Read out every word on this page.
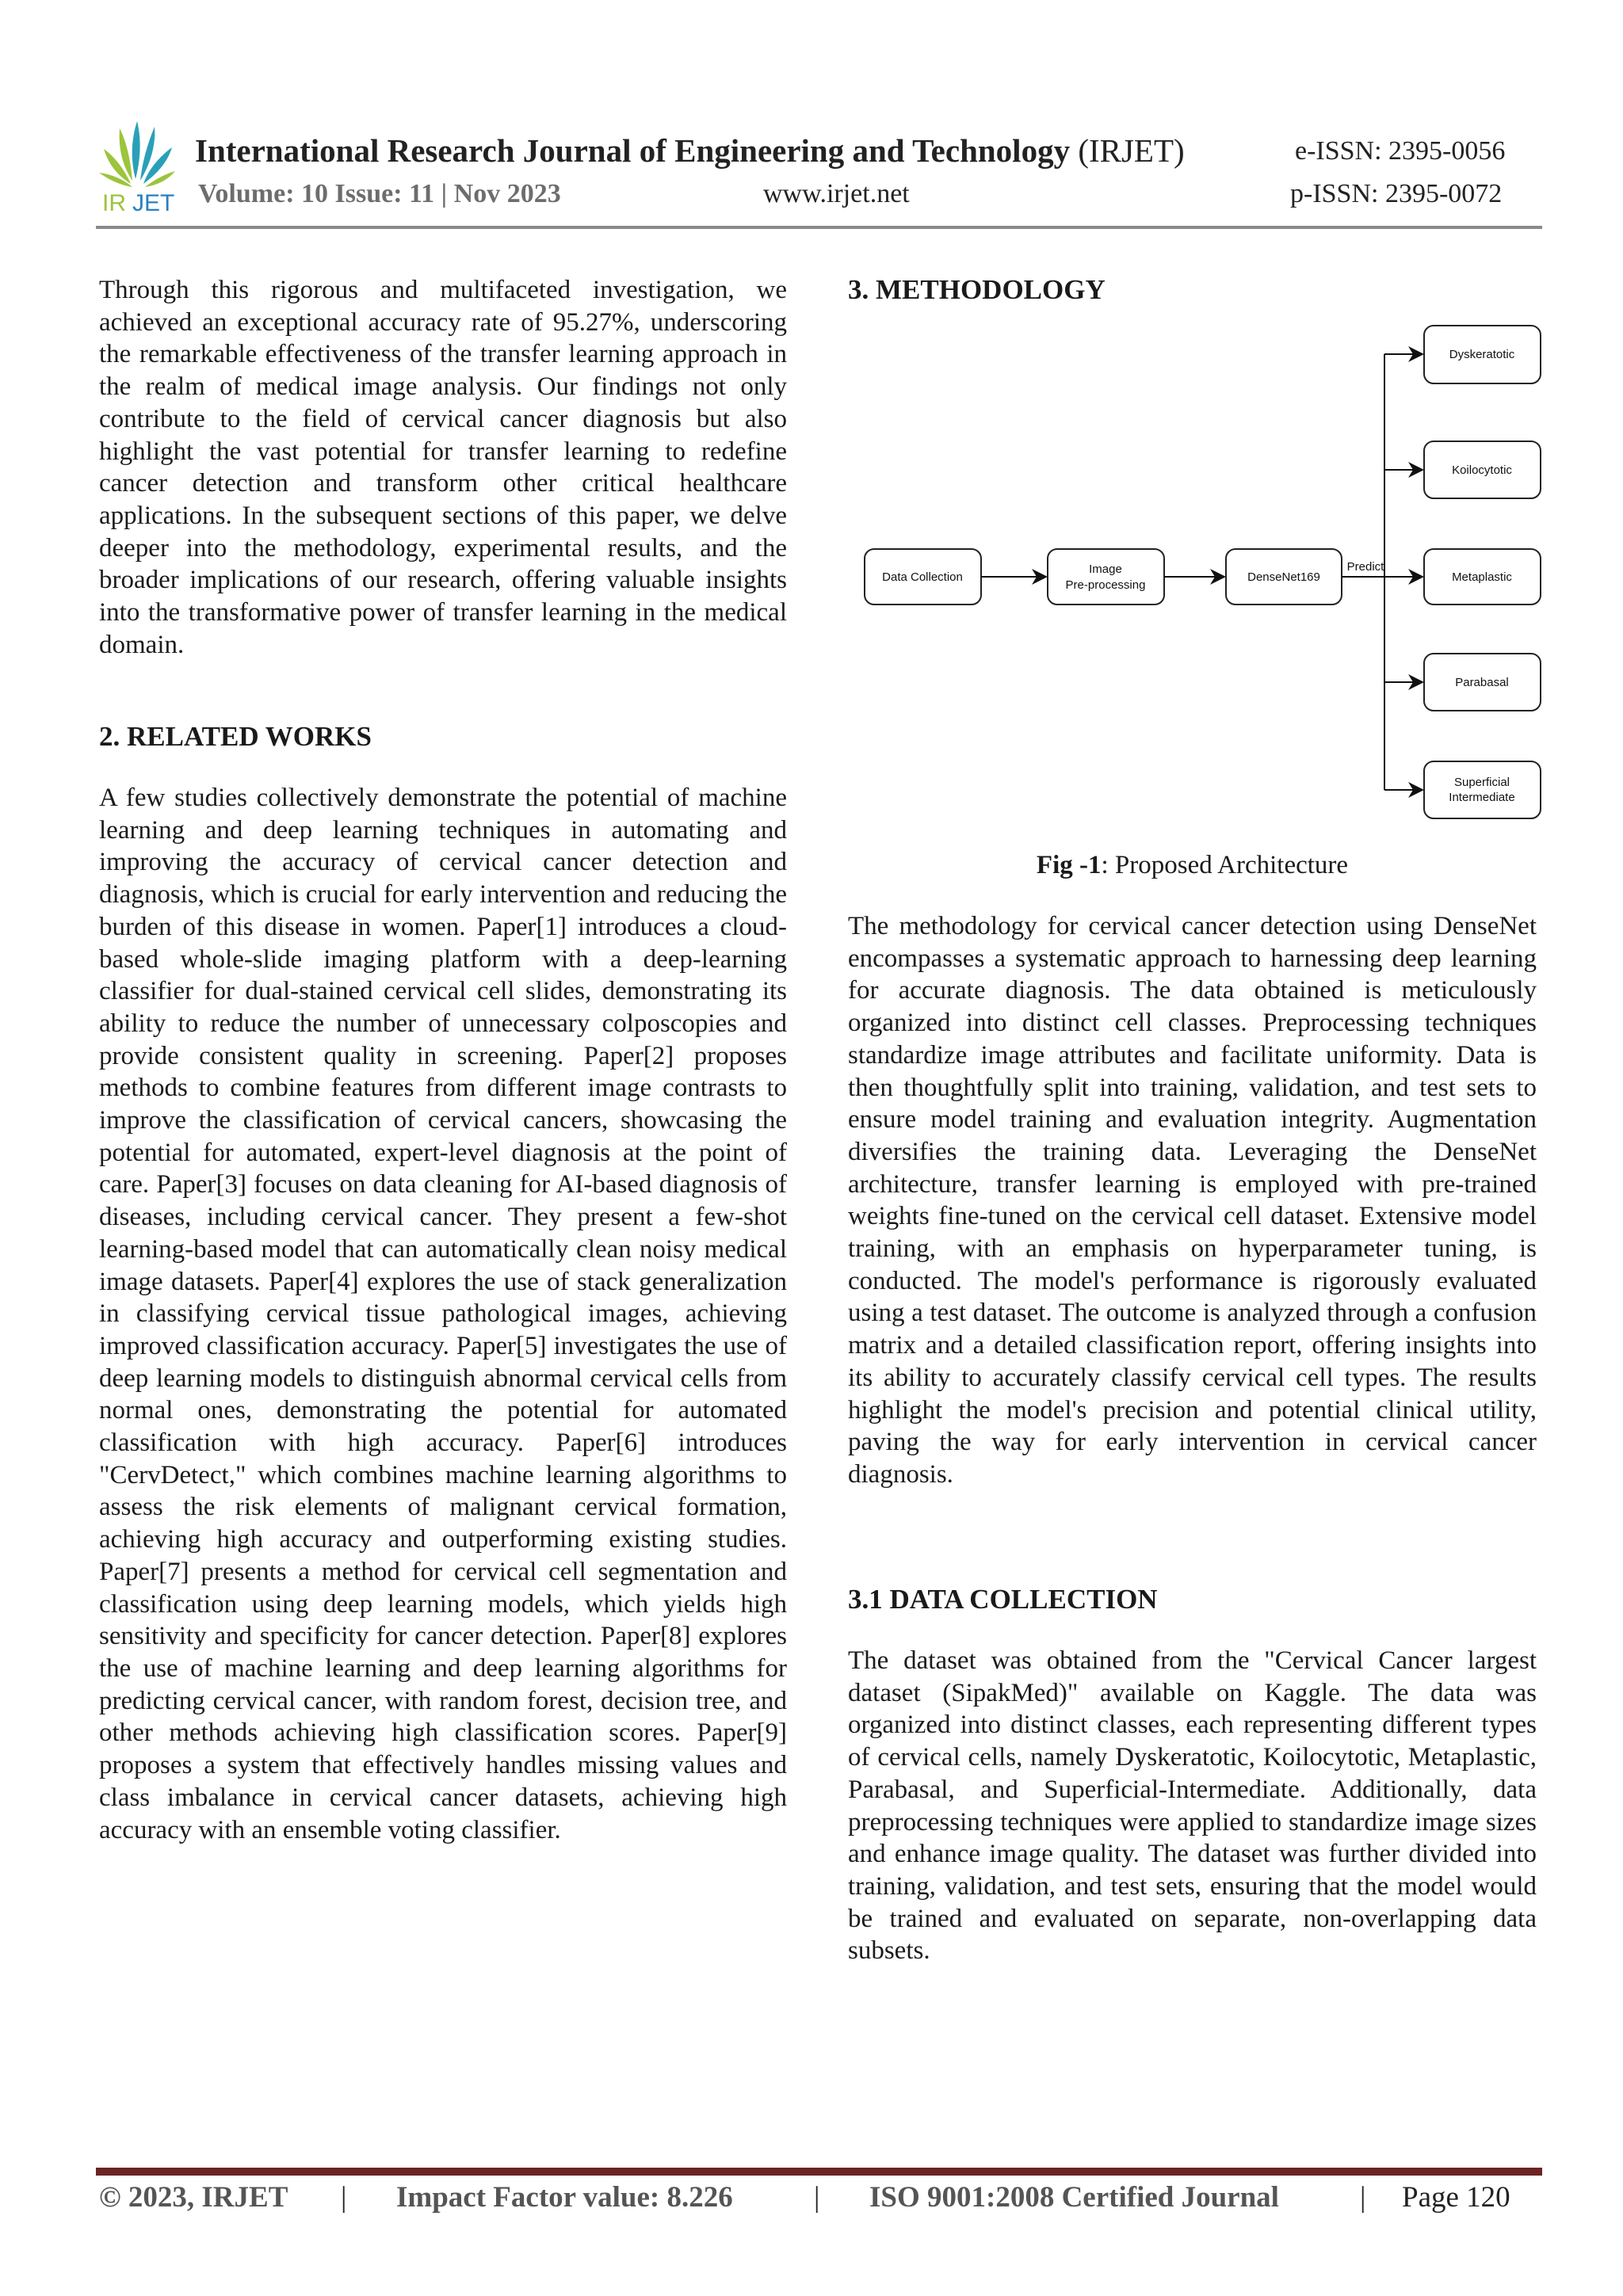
IR JET
International Research Journal of Engineering and Technology (IRJET)	e-ISSN: 2395-0056
Volume: 10 Issue: 11 | Nov 2023	www.irjet.net	p-ISSN: 2395-0072

Through this rigorous and multifaceted investigation, we achieved an exceptional accuracy rate of 95.27%, underscoring the remarkable effectiveness of the transfer learning approach in the realm of medical image analysis. Our findings not only contribute to the field of cervical cancer diagnosis but also highlight the vast potential for transfer learning to redefine cancer detection and transform other critical healthcare applications. In the subsequent sections of this paper, we delve deeper into the methodology, experimental results, and the broader implications of our research, offering valuable insights into the transformative power of transfer learning in the medical domain.

2. RELATED WORKS

A few studies collectively demonstrate the potential of machine learning and deep learning techniques in automating and improving the accuracy of cervical cancer detection and diagnosis, which is crucial for early intervention and reducing the burden of this disease in women. Paper[1] introduces a cloud-based whole-slide imaging platform with a deep-learning classifier for dual-stained cervical cell slides, demonstrating its ability to reduce the number of unnecessary colposcopies and provide consistent quality in screening. Paper[2] proposes methods to combine features from different image contrasts to improve the classification of cervical cancers, showcasing the potential for automated, expert-level diagnosis at the point of care. Paper[3] focuses on data cleaning for AI-based diagnosis of diseases, including cervical cancer. They present a few-shot learning-based model that can automatically clean noisy medical image datasets. Paper[4] explores the use of stack generalization in classifying cervical tissue pathological images, achieving improved classification accuracy. Paper[5] investigates the use of deep learning models to distinguish abnormal cervical cells from normal ones, demonstrating the potential for automated classification with high accuracy. Paper[6] introduces "CervDetect," which combines machine learning algorithms to assess the risk elements of malignant cervical formation, achieving high accuracy and outperforming existing studies. Paper[7] presents a method for cervical cell segmentation and classification using deep learning models, which yields high sensitivity and specificity for cancer detection. Paper[8] explores the use of machine learning and deep learning algorithms for predicting cervical cancer, with random forest, decision tree, and other methods achieving high classification scores. Paper[9] proposes a system that effectively handles missing values and class imbalance in cervical cancer datasets, achieving high accuracy with an ensemble voting classifier.

3. METHODOLOGY
Data Collection
Image
Pre-processing
DenseNet169
Predict
Dyskeratotic
Koilocytotic
Metaplastic
Parabasal
Superficial
Intermediate
Fig -1: Proposed Architecture

The methodology for cervical cancer detection using DenseNet encompasses a systematic approach to harnessing deep learning for accurate diagnosis. The data obtained is meticulously organized into distinct cell classes. Preprocessing techniques standardize image attributes and facilitate uniformity. Data is then thoughtfully split into training, validation, and test sets to ensure model training and evaluation integrity. Augmentation diversifies the training data. Leveraging the DenseNet architecture, transfer learning is employed with pre-trained weights fine-tuned on the cervical cell dataset. Extensive model training, with an emphasis on hyperparameter tuning, is conducted. The model's performance is rigorously evaluated using a test dataset. The outcome is analyzed through a confusion matrix and a detailed classification report, offering insights into its ability to accurately classify cervical cell types. The results highlight the model's precision and potential clinical utility, paving the way for early intervention in cervical cancer diagnosis.

3.1 DATA COLLECTION

The dataset was obtained from the "Cervical Cancer largest dataset (SipakMed)" available on Kaggle. The data was organized into distinct classes, each representing different types of cervical cells, namely Dyskeratotic, Koilocytotic, Metaplastic, Parabasal, and Superficial-Intermediate. Additionally, data preprocessing techniques were applied to standardize image sizes and enhance image quality. The dataset was further divided into training, validation, and test sets, ensuring that the model would be trained and evaluated on separate, non-overlapping data subsets.

© 2023, IRJET | Impact Factor value: 8.226	| ISO 9001:2008 Certified Journal	| Page 120
